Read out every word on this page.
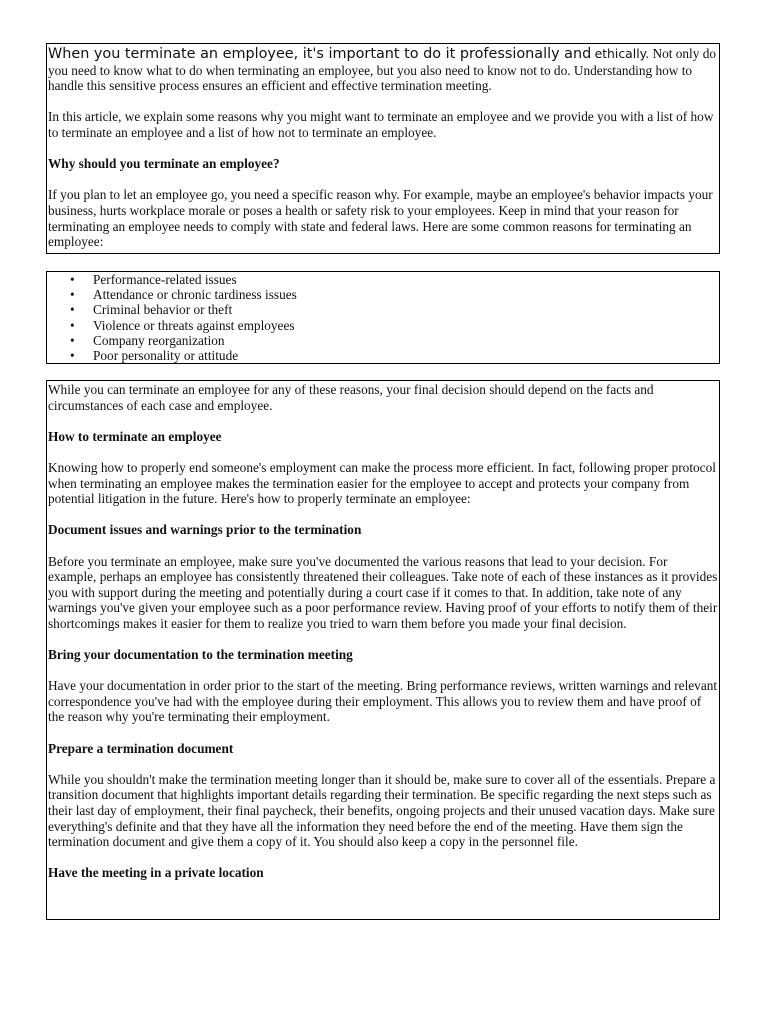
When you terminate an employee, it's important to do it professionally and ethically. Not only do you need to know what to do when terminating an employee, but you also need to know not to do. Understanding how to handle this sensitive process ensures an efficient and effective termination meeting.

In this article, we explain some reasons why you might want to terminate an employee and we provide you with a list of how to terminate an employee and a list of how not to terminate an employee.

Why should you terminate an employee?

If you plan to let an employee go, you need a specific reason why. For example, maybe an employee's behavior impacts your business, hurts workplace morale or poses a health or safety risk to your employees. Keep in mind that your reason for terminating an employee needs to comply with state and federal laws. Here are some common reasons for terminating an employee:

• Performance-related issues
• Attendance or chronic tardiness issues
• Criminal behavior or theft
• Violence or threats against employees
• Company reorganization
• Poor personality or attitude

While you can terminate an employee for any of these reasons, your final decision should depend on the facts and circumstances of each case and employee.

How to terminate an employee

Knowing how to properly end someone's employment can make the process more efficient. In fact, following proper protocol when terminating an employee makes the termination easier for the employee to accept and protects your company from potential litigation in the future. Here's how to properly terminate an employee:

Document issues and warnings prior to the termination

Before you terminate an employee, make sure you've documented the various reasons that lead to your decision. For example, perhaps an employee has consistently threatened their colleagues. Take note of each of these instances as it provides you with support during the meeting and potentially during a court case if it comes to that. In addition, take note of any warnings you've given your employee such as a poor performance review. Having proof of your efforts to notify them of their shortcomings makes it easier for them to realize you tried to warn them before you made your final decision.

Bring your documentation to the termination meeting

Have your documentation in order prior to the start of the meeting. Bring performance reviews, written warnings and relevant correspondence you've had with the employee during their employment. This allows you to review them and have proof of the reason why you're terminating their employment.

Prepare a termination document

While you shouldn't make the termination meeting longer than it should be, make sure to cover all of the essentials. Prepare a transition document that highlights important details regarding their termination. Be specific regarding the next steps such as their last day of employment, their final paycheck, their benefits, ongoing projects and their unused vacation days. Make sure everything's definite and that they have all the information they need before the end of the meeting. Have them sign the termination document and give them a copy of it. You should also keep a copy in the personnel file.

Have the meeting in a private location
